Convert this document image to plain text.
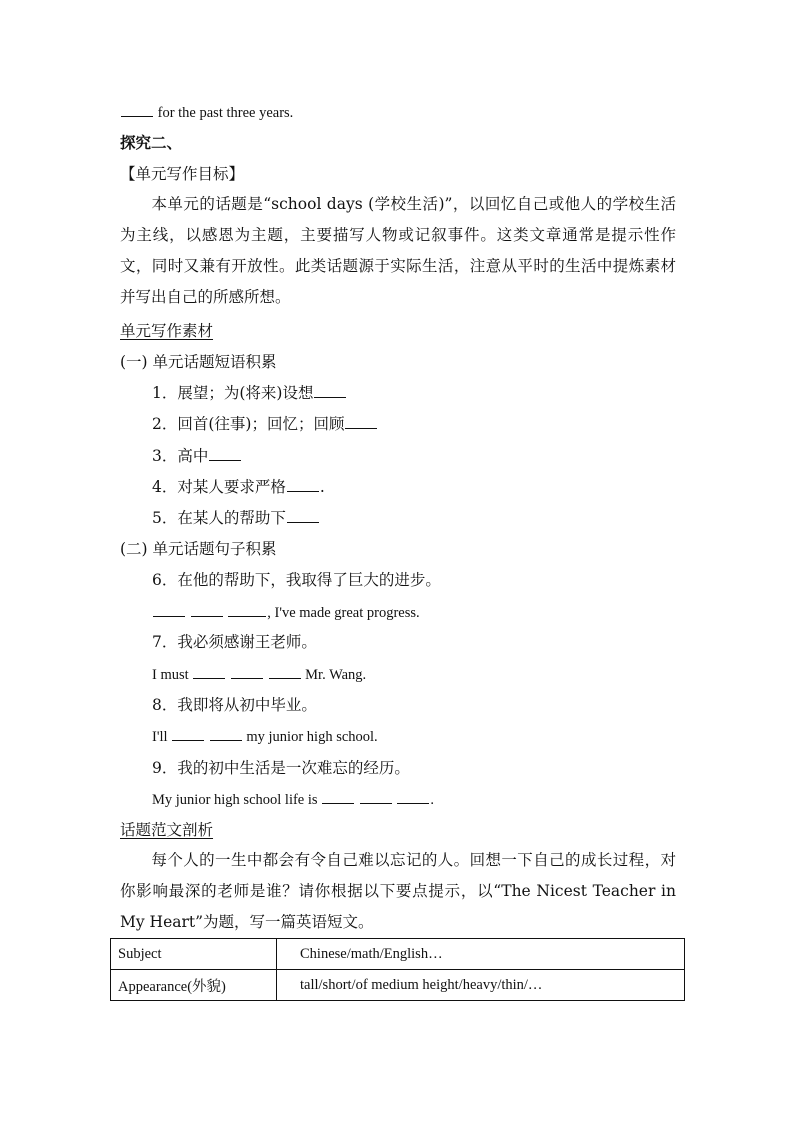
for the past three years.
探究二、
【单元写作目标】
本单元的话题是“school days (学校生活)”，以回忆自己或他人的学校生活为主线，以感恩为主题，主要描写人物或记叙事件。这类文章通常是提示性作文，同时又兼有开放性。此类话题源于实际生活，注意从平时的生活中提炼素材并写出自己的所感所想。
单元写作素材
(一) 单元话题短语积累
1．展望；为(将来)设想
2．回首(往事)；回忆；回顾
3．高中
4．对某人要求严格 .
5．在某人的帮助下
(二) 单元话题句子积累
6．在他的帮助下，我取得了巨大的进步。
, I've made great progress.
7．我必须感谢王老师。
I must	Mr. Wang.
8．我即将从初中毕业。
I'll	my junior high school.
9．我的初中生活是一次难忘的经历。
My junior high school life is	.
话题范文剖析
每个人的一生中都会有令自己难以忘记的人。回想一下自己的成长过程，对你影响最深的老师是谁？请你根据以下要点提示，以“The Nicest Teacher in My Heart”为题，写一篇英语短文。
Subject	Chinese/math/English…
Appearance(外貌)	tall/short/of medium height/heavy/thin/…
